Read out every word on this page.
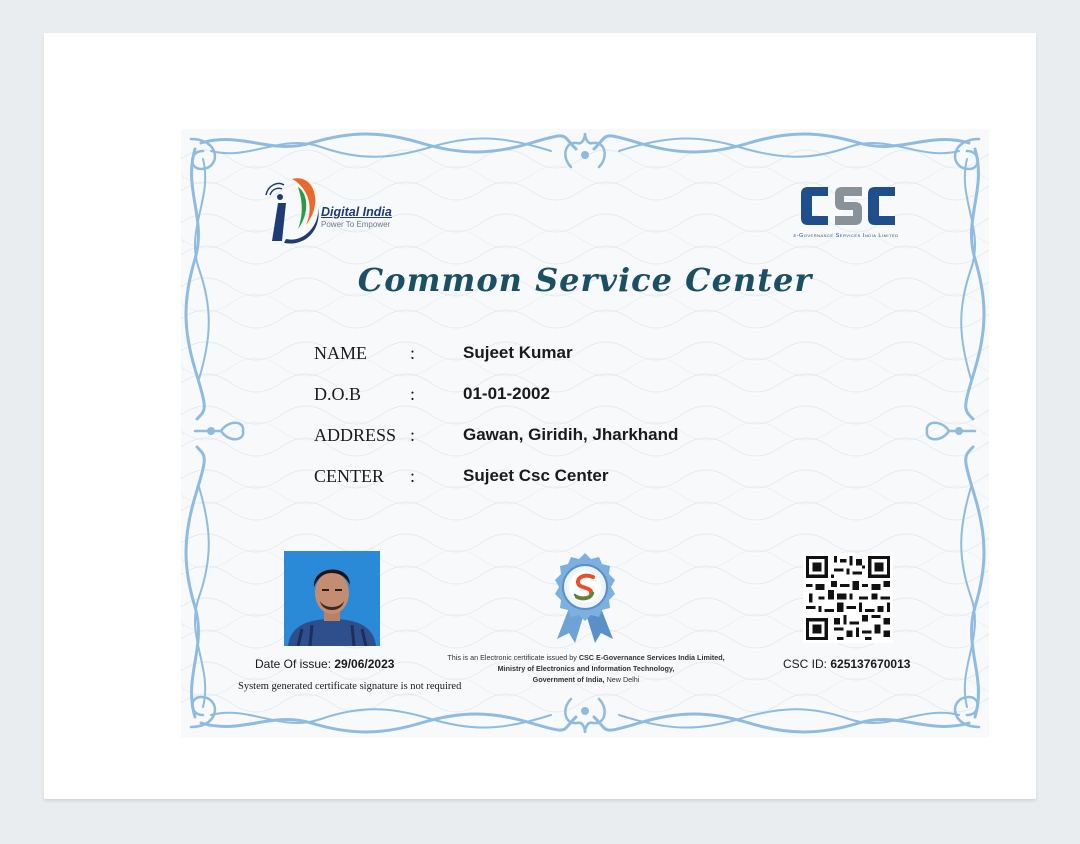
Digital India
Power To Empower
e-Governance Services India Limited
Common Service Center
NAME :	Sujeet Kumar
D.O.B	:	01-01-2002
ADDRESS :	Gawan, Giridih, Jharkhand
CENTER :	Sujeet Csc Center
Date Of issue: 29/06/2023
System generated certificate signature is not required
This is an Electronic certificate issued by CSC E-Governance Services India Limited,
Ministry of Electronics and Information Technology,
Government of India, New Delhi
CSC ID: 625137670013
